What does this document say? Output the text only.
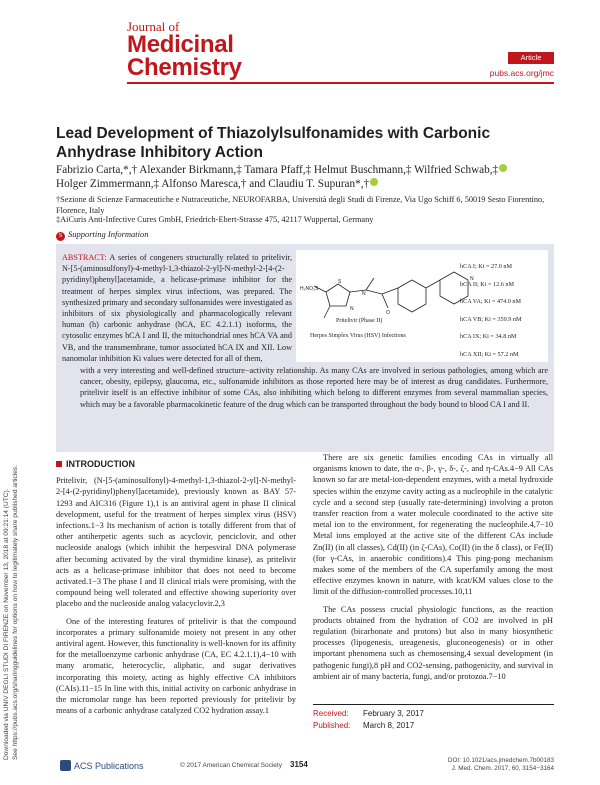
Downloaded via UNIV DEGLI STUDI DI FIRENZE on November 13, 2018 at 09:21:14 (UTC). See https://pubs.acs.org/sharingguidelines for options on how to legitimately share published articles.
Journal of
Medicinal
Chemistry	Article
pubs.acs.org/jmc
Lead Development of Thiazolylsulfonamides with Carbonic Anhydrase Inhibitory Action
Fabrizio Carta,*,† Alexander Birkmann,‡ Tamara Pfaff,‡ Helmut Buschmann,‡ Wilfried Schwab,‡
Holger Zimmermann,‡ Alfonso Maresca,† and Claudiu T. Supuran*,†
†Sezione di Scienze Farmaceutiche e Nutraceutiche, NEUROFARBA, Università degli Studi di Firenze, Via Ugo Schiff 6, 50019 Sesto Fiorentino, Florence, Italy
‡AiCuris Anti-Infective Cures GmbH, Friedrich-Ebert-Strasse 475, 42117 Wuppertal, Germany
S Supporting Information
ABSTRACT: A series of congeners structurally related to pritelivir, N-[5-(aminosulfonyl)-4-methyl-1,3-thiazol-2-yl]-N-methyl-2-[4-(2-pyridinyl)phenyl]acetamide, a helicase-primase inhibitor for the treatment of herpes simplex virus infections, was prepared. The synthesized primary and secondary sulfonamides were investigated as inhibitors of six physiologically and pharmacologically relevant human (h) carbonic anhydrase (hCA, EC 4.2.1.1) isoforms, the cytosolic enzymes hCA I and II, the mitochondrial ones hCA VA and VB, and the transmembrane, tumor associated hCA IX and XII. Low nanomolar inhibition Ki values were detected for all of them,
H₂NO₂S
S
N
N
O
N
Pritelivir (Phase II)
Herpes Simplex Virus (HSV) Infections
hCA I; Ki = 27.0 nM
hCA II; Ki = 12.6 nM
hCA VA; Ki = 474.0 nM
hCA VB; Ki = 359.9 nM
hCA IX; Ki = 34.8 nM
hCA XII; Ki = 57.2 nM
with a very interesting and well-defined structure−activity relationship. As many CAs are involved in serious pathologies, among which are cancer, obesity, epilepsy, glaucoma, etc., sulfonamide inhibitors as those reported here may be of interest as drug candidates. Furthermore, pritelivir itself is an effective inhibitor of some CAs, also inhibiting which belong to different enzymes from several mammalian species, which may be a favorable pharmacokinetic feature of the drug which can be transported throughout the body bound to blood CA I and II.
INTRODUCTION

Pritelivir, (N-[5-(aminosulfonyl)-4-methyl-1,3-thiazol-2-yl]-N-methyl-2-[4-(2-pyridinyl)phenyl]acetamide), previously known as BAY 57-1293 and AIC316 (Figure 1),1 is an antiviral agent in phase II clinical development, useful for the treatment of herpes simplex virus (HSV) infections.1−3 Its mechanism of action is totally different from that of other antiherpetic agents such as acyclovir, penciclovir, and other nucleoside analogs (which inhibit the herpesviral DNA polymerase after becoming activated by the viral thymidine kinase), as pritelivir acts as a helicase-primase inhibitor that does not need to become activated.1−3 The phase I and II clinical trials were promising, with the compound being well tolerated and effective showing superiority over placebo and the nucleoside analog valacyclovir.2,3

One of the interesting features of pritelivir is that the compound incorporates a primary sulfonamide moiety not present in any other antiviral agent. However, this functionality is well-known for its affinity for the metalloenzyme carbonic anhydrase (CA, EC 4.2.1.1),4−10 with many aromatic, heterocyclic, aliphatic, and sugar derivatives incorporating this moiety, acting as highly effective CA inhibitors (CAIs).11−15 In line with this, initial activity on carbonic anhydrase in the micromolar range has been reported previously for pritelivir by means of a carbonic anhydrase catalyzed CO2 hydration assay.1

There are six genetic families encoding CAs in virtually all organisms known to date, the α-, β-, γ-, δ-, ζ-, and η-CAs.4−9 All CAs known so far are metal-ion-dependent enzymes, with a metal hydroxide species within the enzyme cavity acting as a nucleophile in the catalytic cycle and a second step (usually rate-determining) involving a proton transfer reaction from a water molecule coordinated to the active site metal ion to the environment, for regenerating the nucleophile.4,7−10 Metal ions employed at the active site of the different CAs include Zn(II) (in all classes), Cd(II) (in ζ-CAs), Co(II) (in the δ class), or Fe(II) (for γ-CAs, in anaerobic conditions).4 This ping-pong mechanism makes some of the members of the CA superfamily among the most effective enzymes known in nature, with kcat/KM values close to the limit of the diffusion-controlled processes.10,11

The CAs possess crucial physiologic functions, as the reaction products obtained from the hydration of CO2 are involved in pH regulation (bicarbonate and protons) but also in many biosynthetic processes (lipogenesis, ureagenesis, gluconeogenesis) or in other important phenomena such as chemosensing,4 sexual development (in pathogenic fungi),8 pH and CO2-sensing, pathogenicity, and survival in ambient air of many bacteria, fungi, and/or protozoa.7−10

Received: February 3, 2017
Published: March 8, 2017
ACS Publications	© 2017 American Chemical Society 3154	DOI: 10.1021/acs.jmedchem.7b00183
J. Med. Chem. 2017, 60, 3154−3164
